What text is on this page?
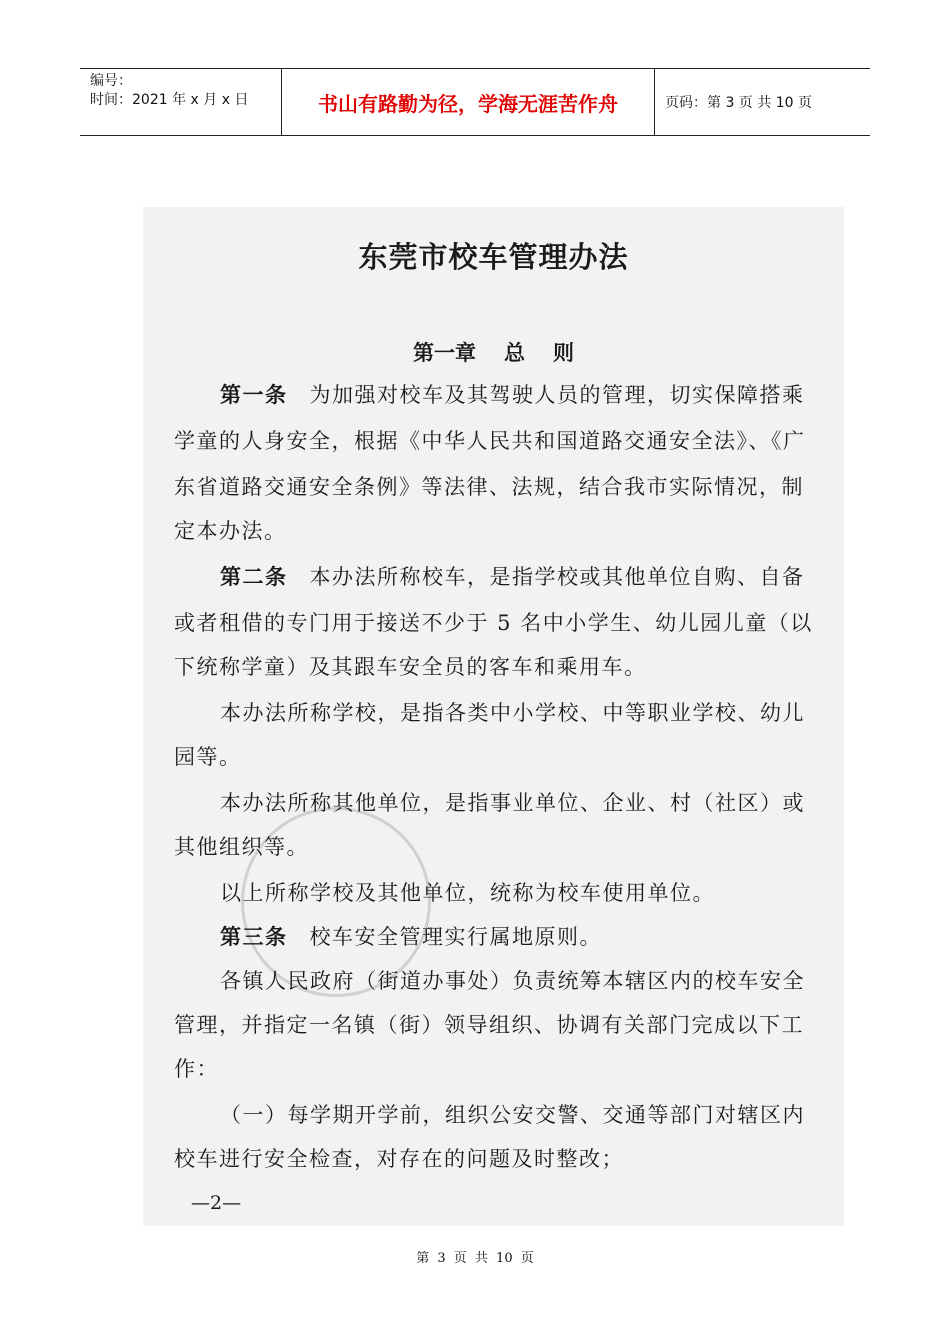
编号：
时间：2021 年 x 月 x 日	书山有路勤为径，学海无涯苦作舟	页码：第 3 页 共 10 页
东莞市校车管理办法
第一章 总 则
第一条 为加强对校车及其驾驶人员的管理，切实保障搭乘
学童的人身安全，根据《中华人民共和国道路交通安全法》、《广
东省道路交通安全条例》等法律、法规，结合我市实际情况，制
定本办法。
第二条 本办法所称校车，是指学校或其他单位自购、自备
或者租借的专门用于接送不少于 5 名中小学生、幼儿园儿童（以
下统称学童）及其跟车安全员的客车和乘用车。
本办法所称学校，是指各类中小学校、中等职业学校、幼儿
园等。
本办法所称其他单位，是指事业单位、企业、村（社区）或
其他组织等。
以上所称学校及其他单位，统称为校车使用单位。
第三条 校车安全管理实行属地原则。
各镇人民政府（街道办事处）负责统筹本辖区内的校车安全
管理，并指定一名镇（街）领导组织、协调有关部门完成以下工
作：
（一）每学期开学前，组织公安交警、交通等部门对辖区内
校车进行安全检查，对存在的问题及时整改；
—2—
第 3 页 共 10 页
